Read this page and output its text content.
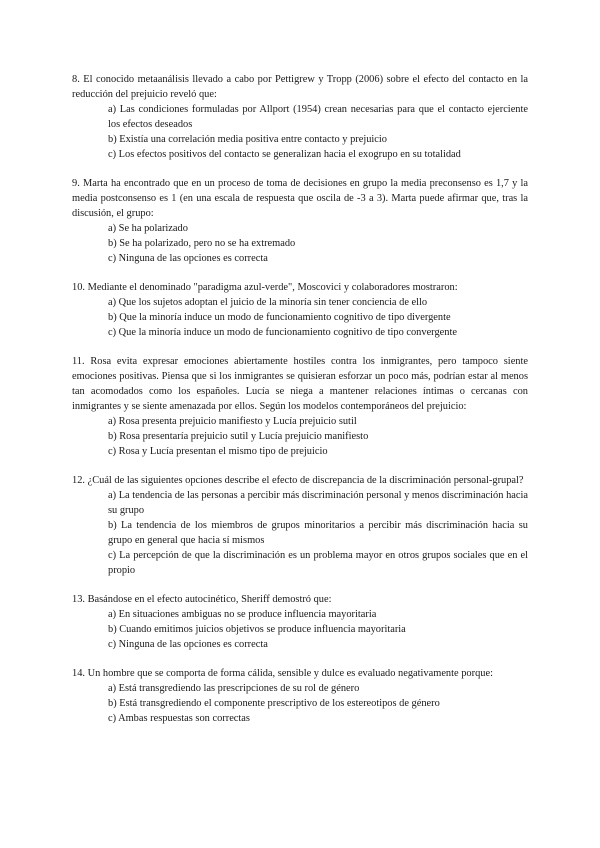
8. El conocido metaanálisis llevado a cabo por Pettigrew y Tropp (2006) sobre el efecto del contacto en la reducción del prejuicio reveló que:

a) Las condiciones formuladas por Allport (1954) crean necesarias para que el contacto ejerciente los efectos deseados
b) Existía una correlación media positiva entre contacto y prejuicio
c) Los efectos positivos del contacto se generalizan hacia el exogrupo en su totalidad

9. Marta ha encontrado que en un proceso de toma de decisiones en grupo la media preconsenso es 1,7 y la media postconsenso es 1 (en una escala de respuesta que oscila de -3 a 3). Marta puede afirmar que, tras la discusión, el grupo:

a) Se ha polarizado
b) Se ha polarizado, pero no se ha extremado
c) Ninguna de las opciones es correcta

10. Mediante el denominado "paradigma azul-verde", Moscovici y colaboradores mostraron:

a) Que los sujetos adoptan el juicio de la minoría sin tener conciencia de ello
b) Que la minoría induce un modo de funcionamiento cognitivo de tipo divergente
c) Que la minoría induce un modo de funcionamiento cognitivo de tipo convergente

11. Rosa evita expresar emociones abiertamente hostiles contra los inmigrantes, pero tampoco siente emociones positivas. Piensa que si los inmigrantes se quisieran esforzar un poco más, podrían estar al menos tan acomodados como los españoles. Lucía se niega a mantener relaciones íntimas o cercanas con inmigrantes y se siente amenazada por ellos. Según los modelos contemporáneos del prejuicio:

a) Rosa presenta prejuicio manifiesto y Lucía prejuicio sutil
b) Rosa presentaría prejuicio sutil y Lucía prejuicio manifiesto
c) Rosa y Lucía presentan el mismo tipo de prejuicio

12. ¿Cuál de las siguientes opciones describe el efecto de discrepancia de la discriminación personal-grupal?

a) La tendencia de las personas a percibir más discriminación personal y menos discriminación hacia su grupo
b) La tendencia de los miembros de grupos minoritarios a percibir más discriminación hacia su grupo en general que hacia sí mismos
c) La percepción de que la discriminación es un problema mayor en otros grupos sociales que en el propio

13. Basándose en el efecto autocinético, Sheriff demostró que:

a) En situaciones ambiguas no se produce influencia mayoritaria
b) Cuando emitimos juicios objetivos se produce influencia mayoritaria
c) Ninguna de las opciones es correcta

14. Un hombre que se comporta de forma cálida, sensible y dulce es evaluado negativamente porque:

a) Está transgrediendo las prescripciones de su rol de género
b) Está transgrediendo el componente prescriptivo de los estereotipos de género
c) Ambas respuestas son correctas
